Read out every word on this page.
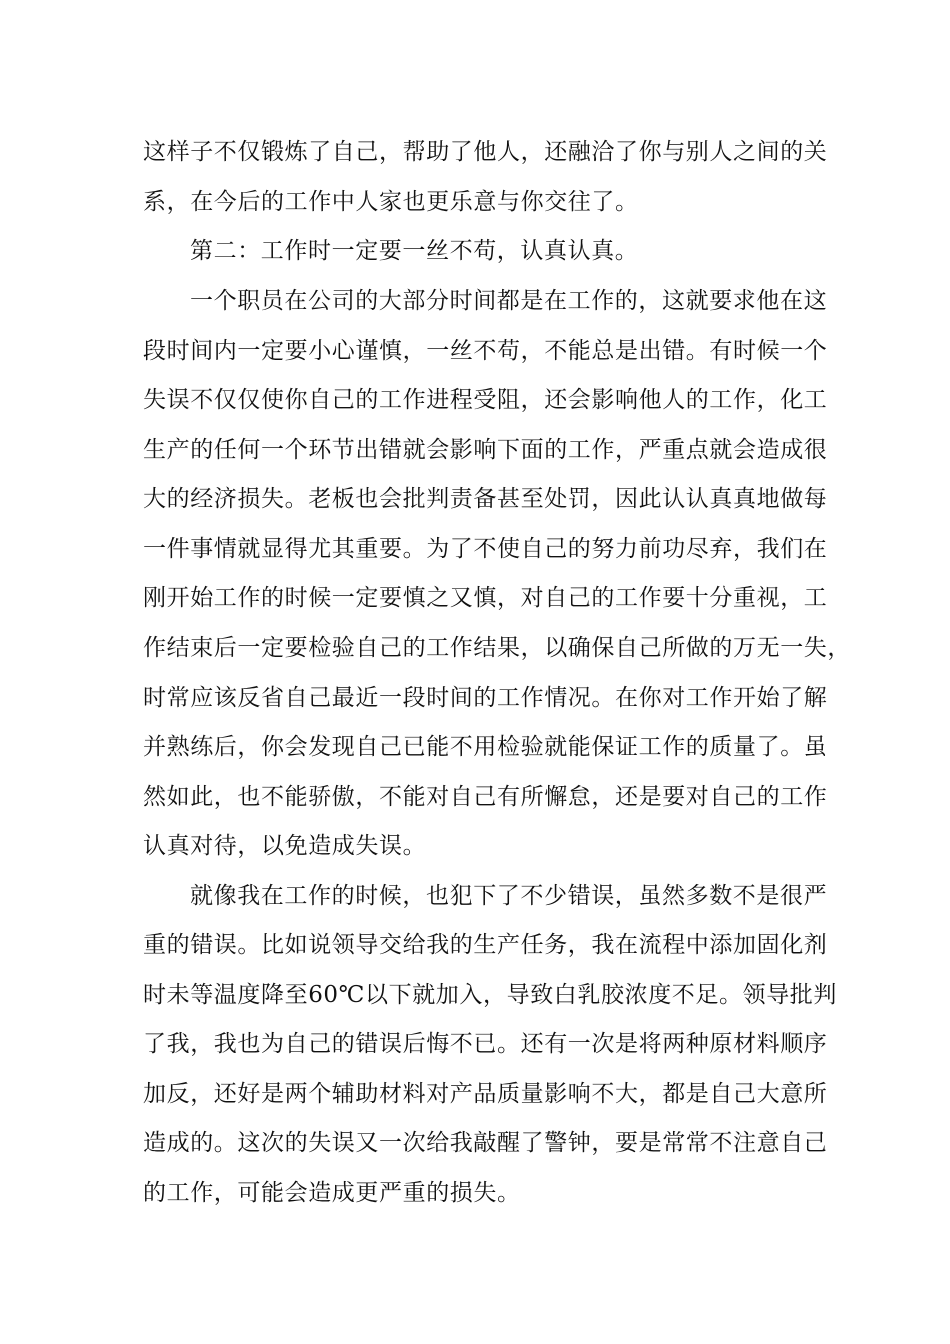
这样子不仅锻炼了自己，帮助了他人，还融洽了你与别人之间的关
系，在今后的工作中人家也更乐意与你交往了。
第二：工作时一定要一丝不苟，认真认真。
一个职员在公司的大部分时间都是在工作的，这就要求他在这
段时间内一定要小心谨慎，一丝不苟，不能总是出错。有时候一个
失误不仅仅使你自己的工作进程受阻，还会影响他人的工作，化工
生产的任何一个环节出错就会影响下面的工作，严重点就会造成很
大的经济损失。老板也会批判责备甚至处罚，因此认认真真地做每
一件事情就显得尤其重要。为了不使自己的努力前功尽弃，我们在
刚开始工作的时候一定要慎之又慎，对自己的工作要十分重视，工
作结束后一定要检验自己的工作结果，以确保自己所做的万无一失，
时常应该反省自己最近一段时间的工作情况。在你对工作开始了解
并熟练后，你会发现自己已能不用检验就能保证工作的质量了。虽
然如此，也不能骄傲，不能对自己有所懈怠，还是要对自己的工作
认真对待，以免造成失误。
就像我在工作的时候，也犯下了不少错误，虽然多数不是很严
重的错误。比如说领导交给我的生产任务，我在流程中添加固化剂
时未等温度降至60℃以下就加入，导致白乳胶浓度不足。领导批判
了我，我也为自己的错误后悔不已。还有一次是将两种原材料顺序
加反，还好是两个辅助材料对产品质量影响不大，都是自己大意所
造成的。这次的失误又一次给我敲醒了警钟，要是常常不注意自己
的工作，可能会造成更严重的损失。
